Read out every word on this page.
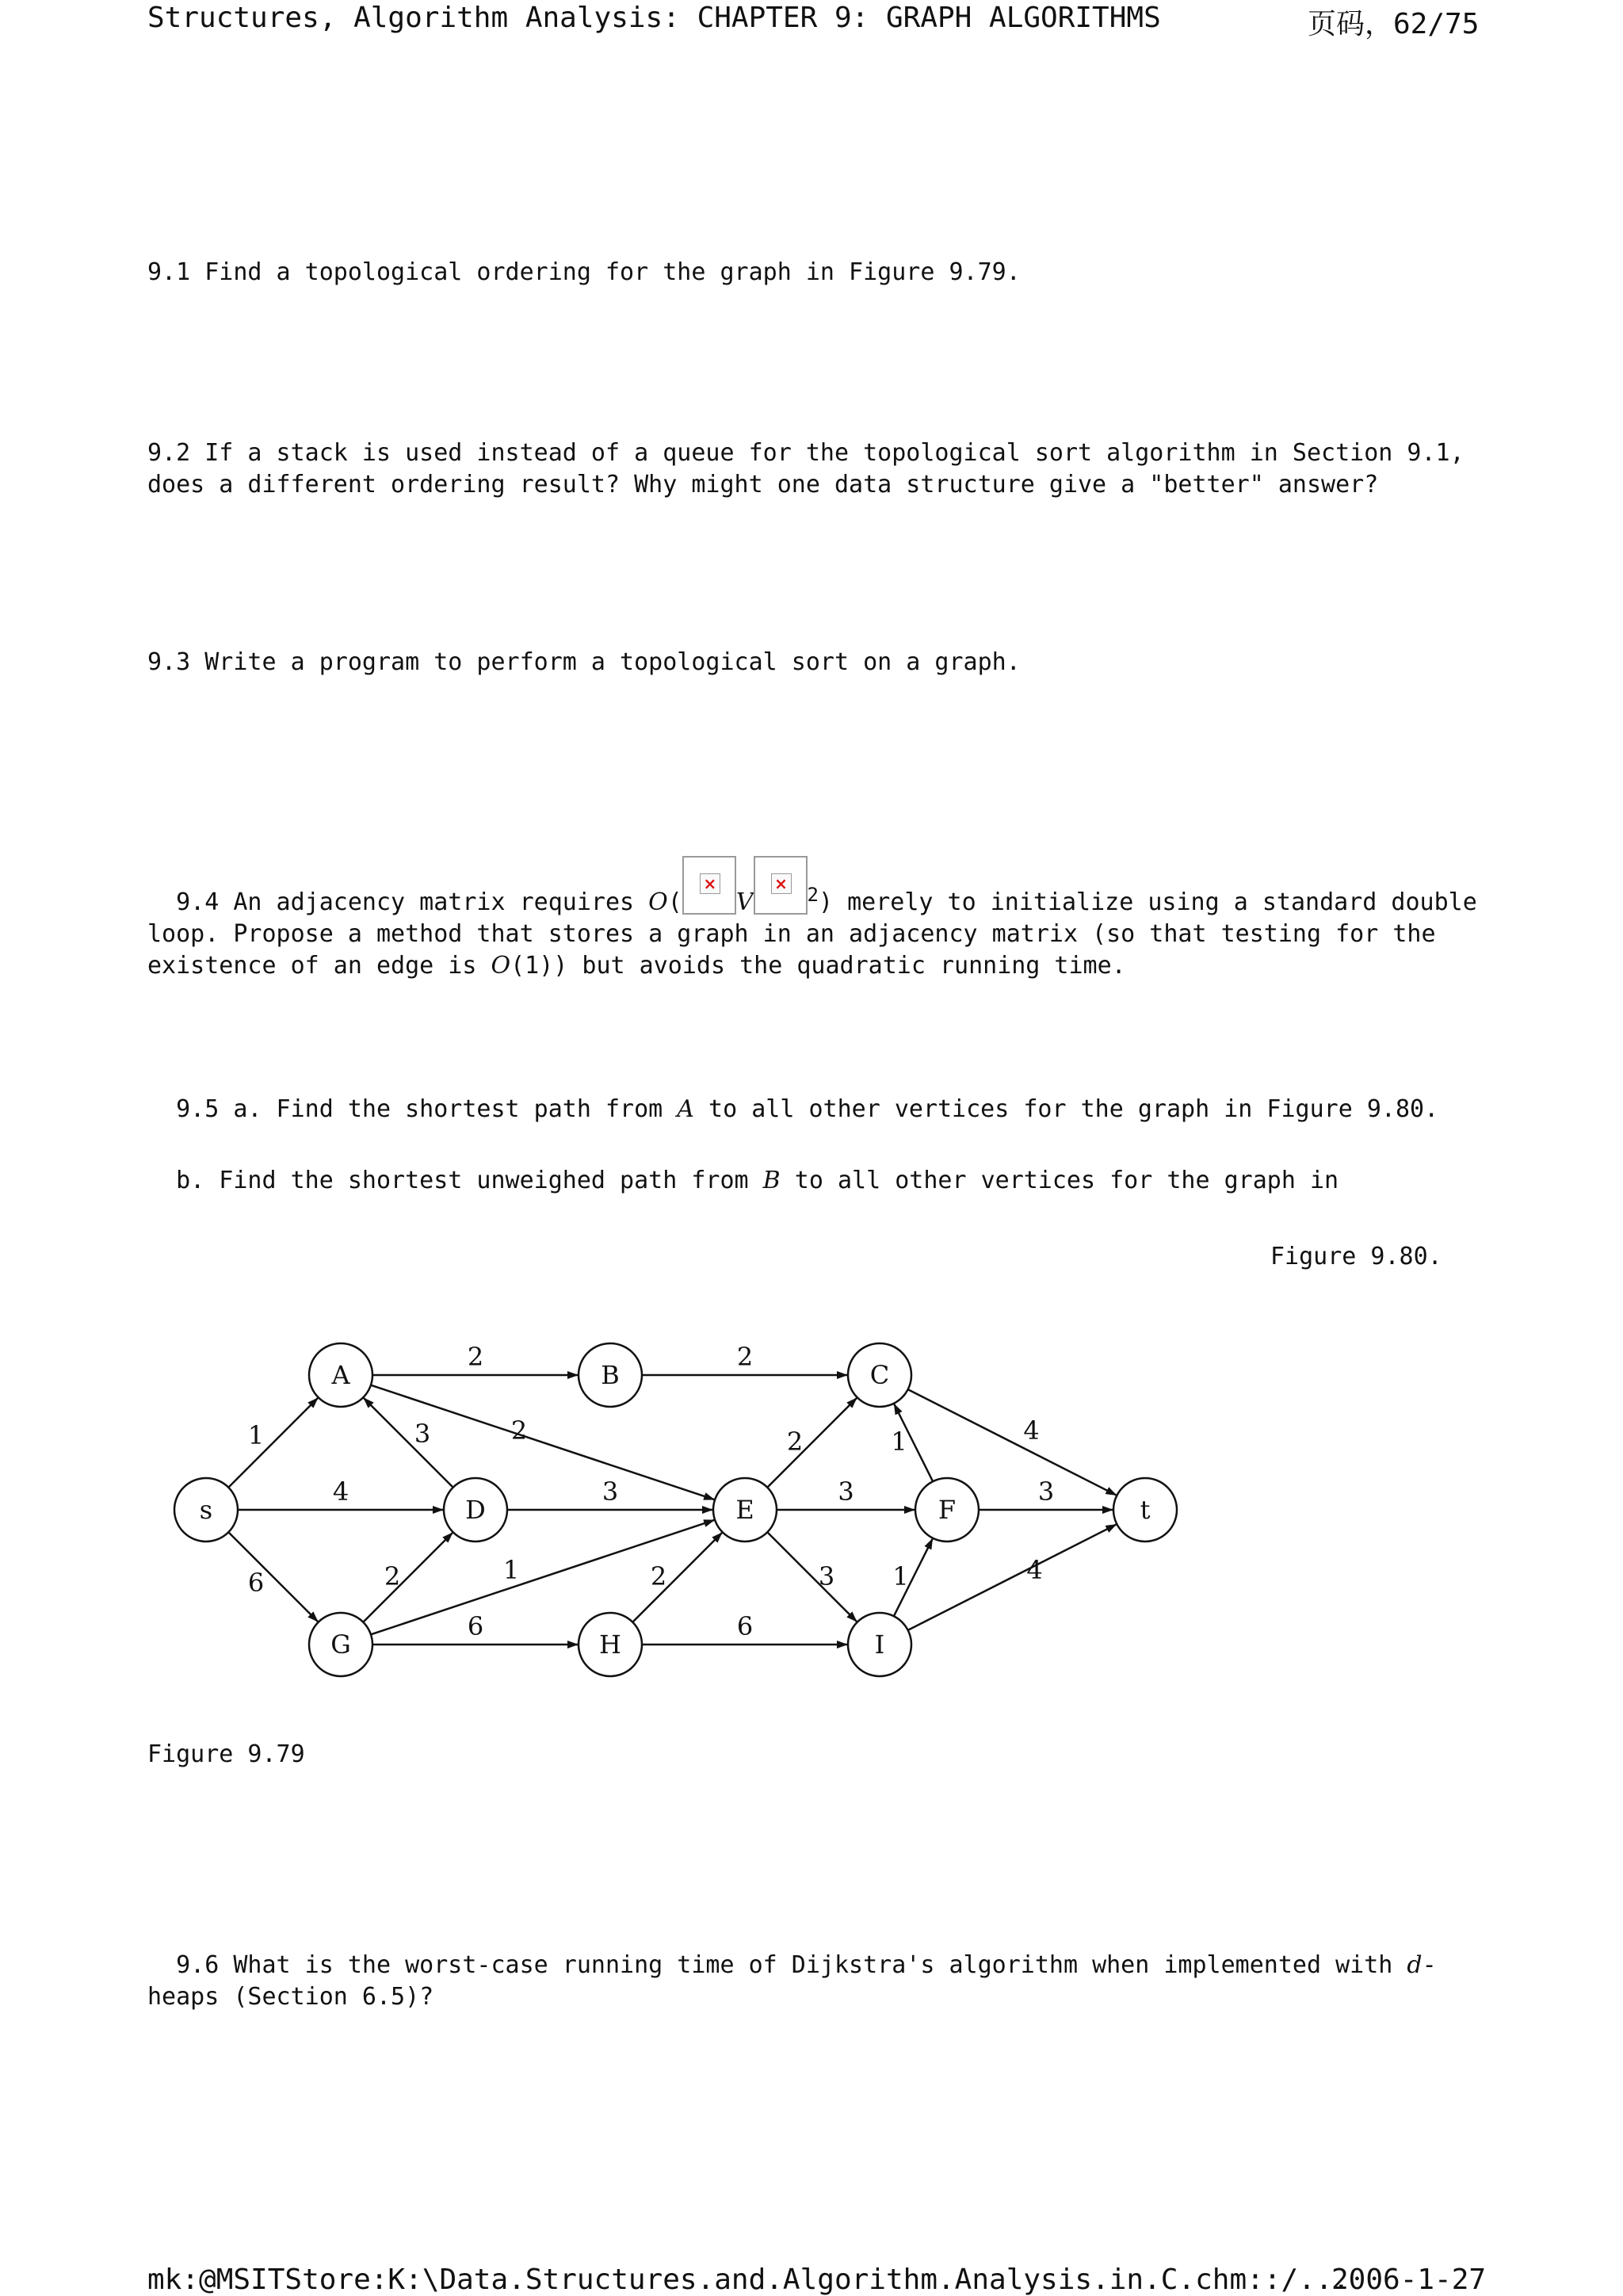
Structures, Algorithm Analysis: CHAPTER 9: GRAPH ALGORITHMS	页码，62/75
9.1 Find a topological ordering for the graph in Figure 9.79.
9.2 If a stack is used instead of a queue for the topological sort algorithm in Section 9.1, does a different ordering result? Why might one data structure give a "better" answer?
9.3 Write a program to perform a topological sort on a graph.

9.4 An adjacency matrix requires O(
×
V
× $^2$) merely to initialize using a standard double loop. Propose a method that stores a graph in an adjacency matrix (so that testing for the existence of an edge is O(1)) but avoids the quadratic running time.

9.5 a. Find the shortest path from A to all other vertices for the graph in Figure 9.80.

b. Find the shortest unweighed path from B to all other vertices for the graph in

Figure 9.80.
1
4
6
2
2
3
3
2	1
6
2
2	1	4
3	3
2	3
6
1	4
s
A	B	C
D	E	F	t
G	H	I
Figure 9.79

9.6 What is the worst-case running time of Dijkstra's algorithm when implemented with d-heaps (Section 6.5)?

mk:@MSITStore:K:\Data.Structures.and.Algorithm.Analysis.in.C.chm::/...
2006-1-27
